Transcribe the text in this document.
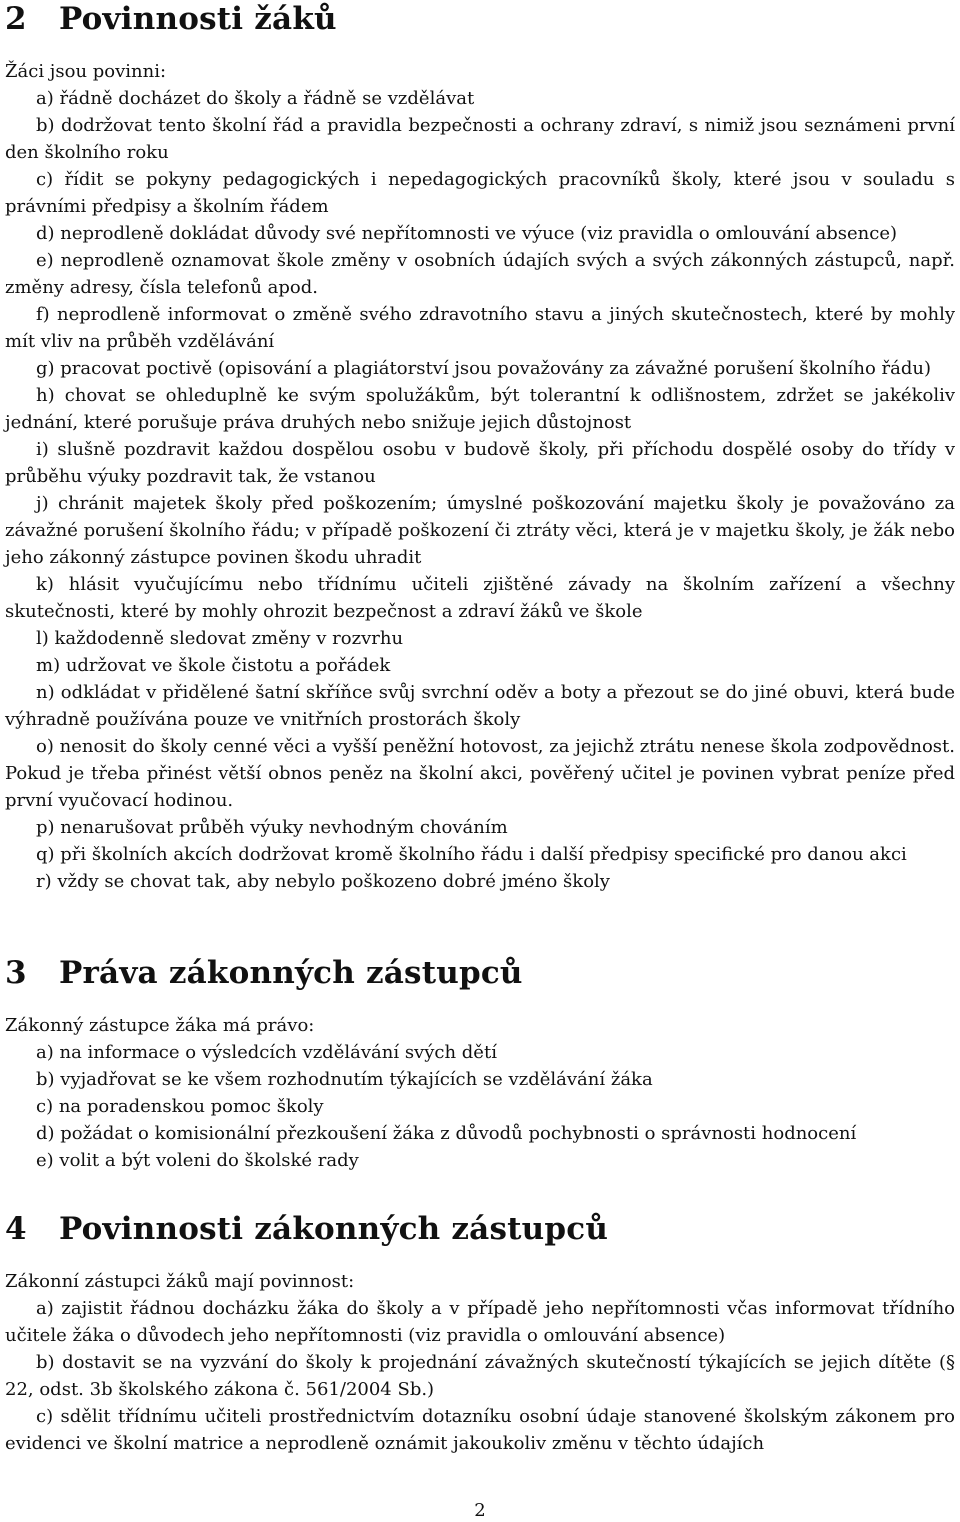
2 Povinnosti žáků

Žáci jsou povinni:

a) řádně docházet do školy a řádně se vzdělávat
b) dodržovat tento školní řád a pravidla bezpečnosti a ochrany zdraví, s nimiž jsou seznámeni první den školního roku
c) řídit se pokyny pedagogických i nepedagogických pracovníků školy, které jsou v souladu s právními předpisy a školním řádem
d) neprodleně dokládat důvody své nepřítomnosti ve výuce (viz pravidla o omlouvání absence)
e) neprodleně oznamovat škole změny v osobních údajích svých a svých zákonných zástupců, např. změny adresy, čísla telefonů apod.
f) neprodleně informovat o změně svého zdravotního stavu a jiných skutečnostech, které by mohly mít vliv na průběh vzdělávání
g) pracovat poctivě (opisování a plagiátorství jsou považovány za závažné porušení školního řádu)
h) chovat se ohleduplně ke svým spolužákům, být tolerantní k odlišnostem, zdržet se jakékoliv jednání, které porušuje práva druhých nebo snižuje jejich důstojnost
i) slušně pozdravit každou dospělou osobu v budově školy, při příchodu dospělé osoby do třídy v průběhu výuky pozdravit tak, že vstanou
j) chránit majetek školy před poškozením; úmyslné poškozování majetku školy je považováno za závažné porušení školního řádu; v případě poškození či ztráty věci, která je v majetku školy, je žák nebo jeho zákonný zástupce povinen škodu uhradit
k) hlásit vyučujícímu nebo třídnímu učiteli zjištěné závady na školním zařízení a všechny skutečnosti, které by mohly ohrozit bezpečnost a zdraví žáků ve škole
l) každodenně sledovat změny v rozvrhu
m) udržovat ve škole čistotu a pořádek
n) odkládat v přidělené šatní skříňce svůj svrchní oděv a boty a přezout se do jiné obuvi, která bude výhradně používána pouze ve vnitřních prostorách školy
o) nenosit do školy cenné věci a vyšší peněžní hotovost, za jejichž ztrátu nenese škola zodpovědnost. Pokud je třeba přinést větší obnos peněz na školní akci, pověřený učitel je povinen vybrat peníze před první vyučovací hodinou.
p) nenarušovat průběh výuky nevhodným chováním
q) při školních akcích dodržovat kromě školního řádu i další předpisy specifické pro danou akci
r) vždy se chovat tak, aby nebylo poškozeno dobré jméno školy
3 Práva zákonných zástupců

Zákonný zástupce žáka má právo:

a) na informace o výsledcích vzdělávání svých dětí
b) vyjadřovat se ke všem rozhodnutím týkajících se vzdělávání žáka
c) na poradenskou pomoc školy
d) požádat o komisionální přezkoušení žáka z důvodů pochybnosti o správnosti hodnocení
e) volit a být voleni do školské rady
4 Povinnosti zákonných zástupců

Zákonní zástupci žáků mají povinnost:

a) zajistit řádnou docházku žáka do školy a v případě jeho nepřítomnosti včas informovat třídního učitele žáka o důvodech jeho nepřítomnosti (viz pravidla o omlouvání absence)
b) dostavit se na vyzvání do školy k projednání závažných skutečností týkajících se jejich dítěte (§ 22, odst. 3b školského zákona č. 561/2004 Sb.)
c) sdělit třídnímu učiteli prostřednictvím dotazníku osobní údaje stanovené školským zákonem pro evidenci ve školní matrice a neprodleně oznámit jakoukoliv změnu v těchto údajích
2
